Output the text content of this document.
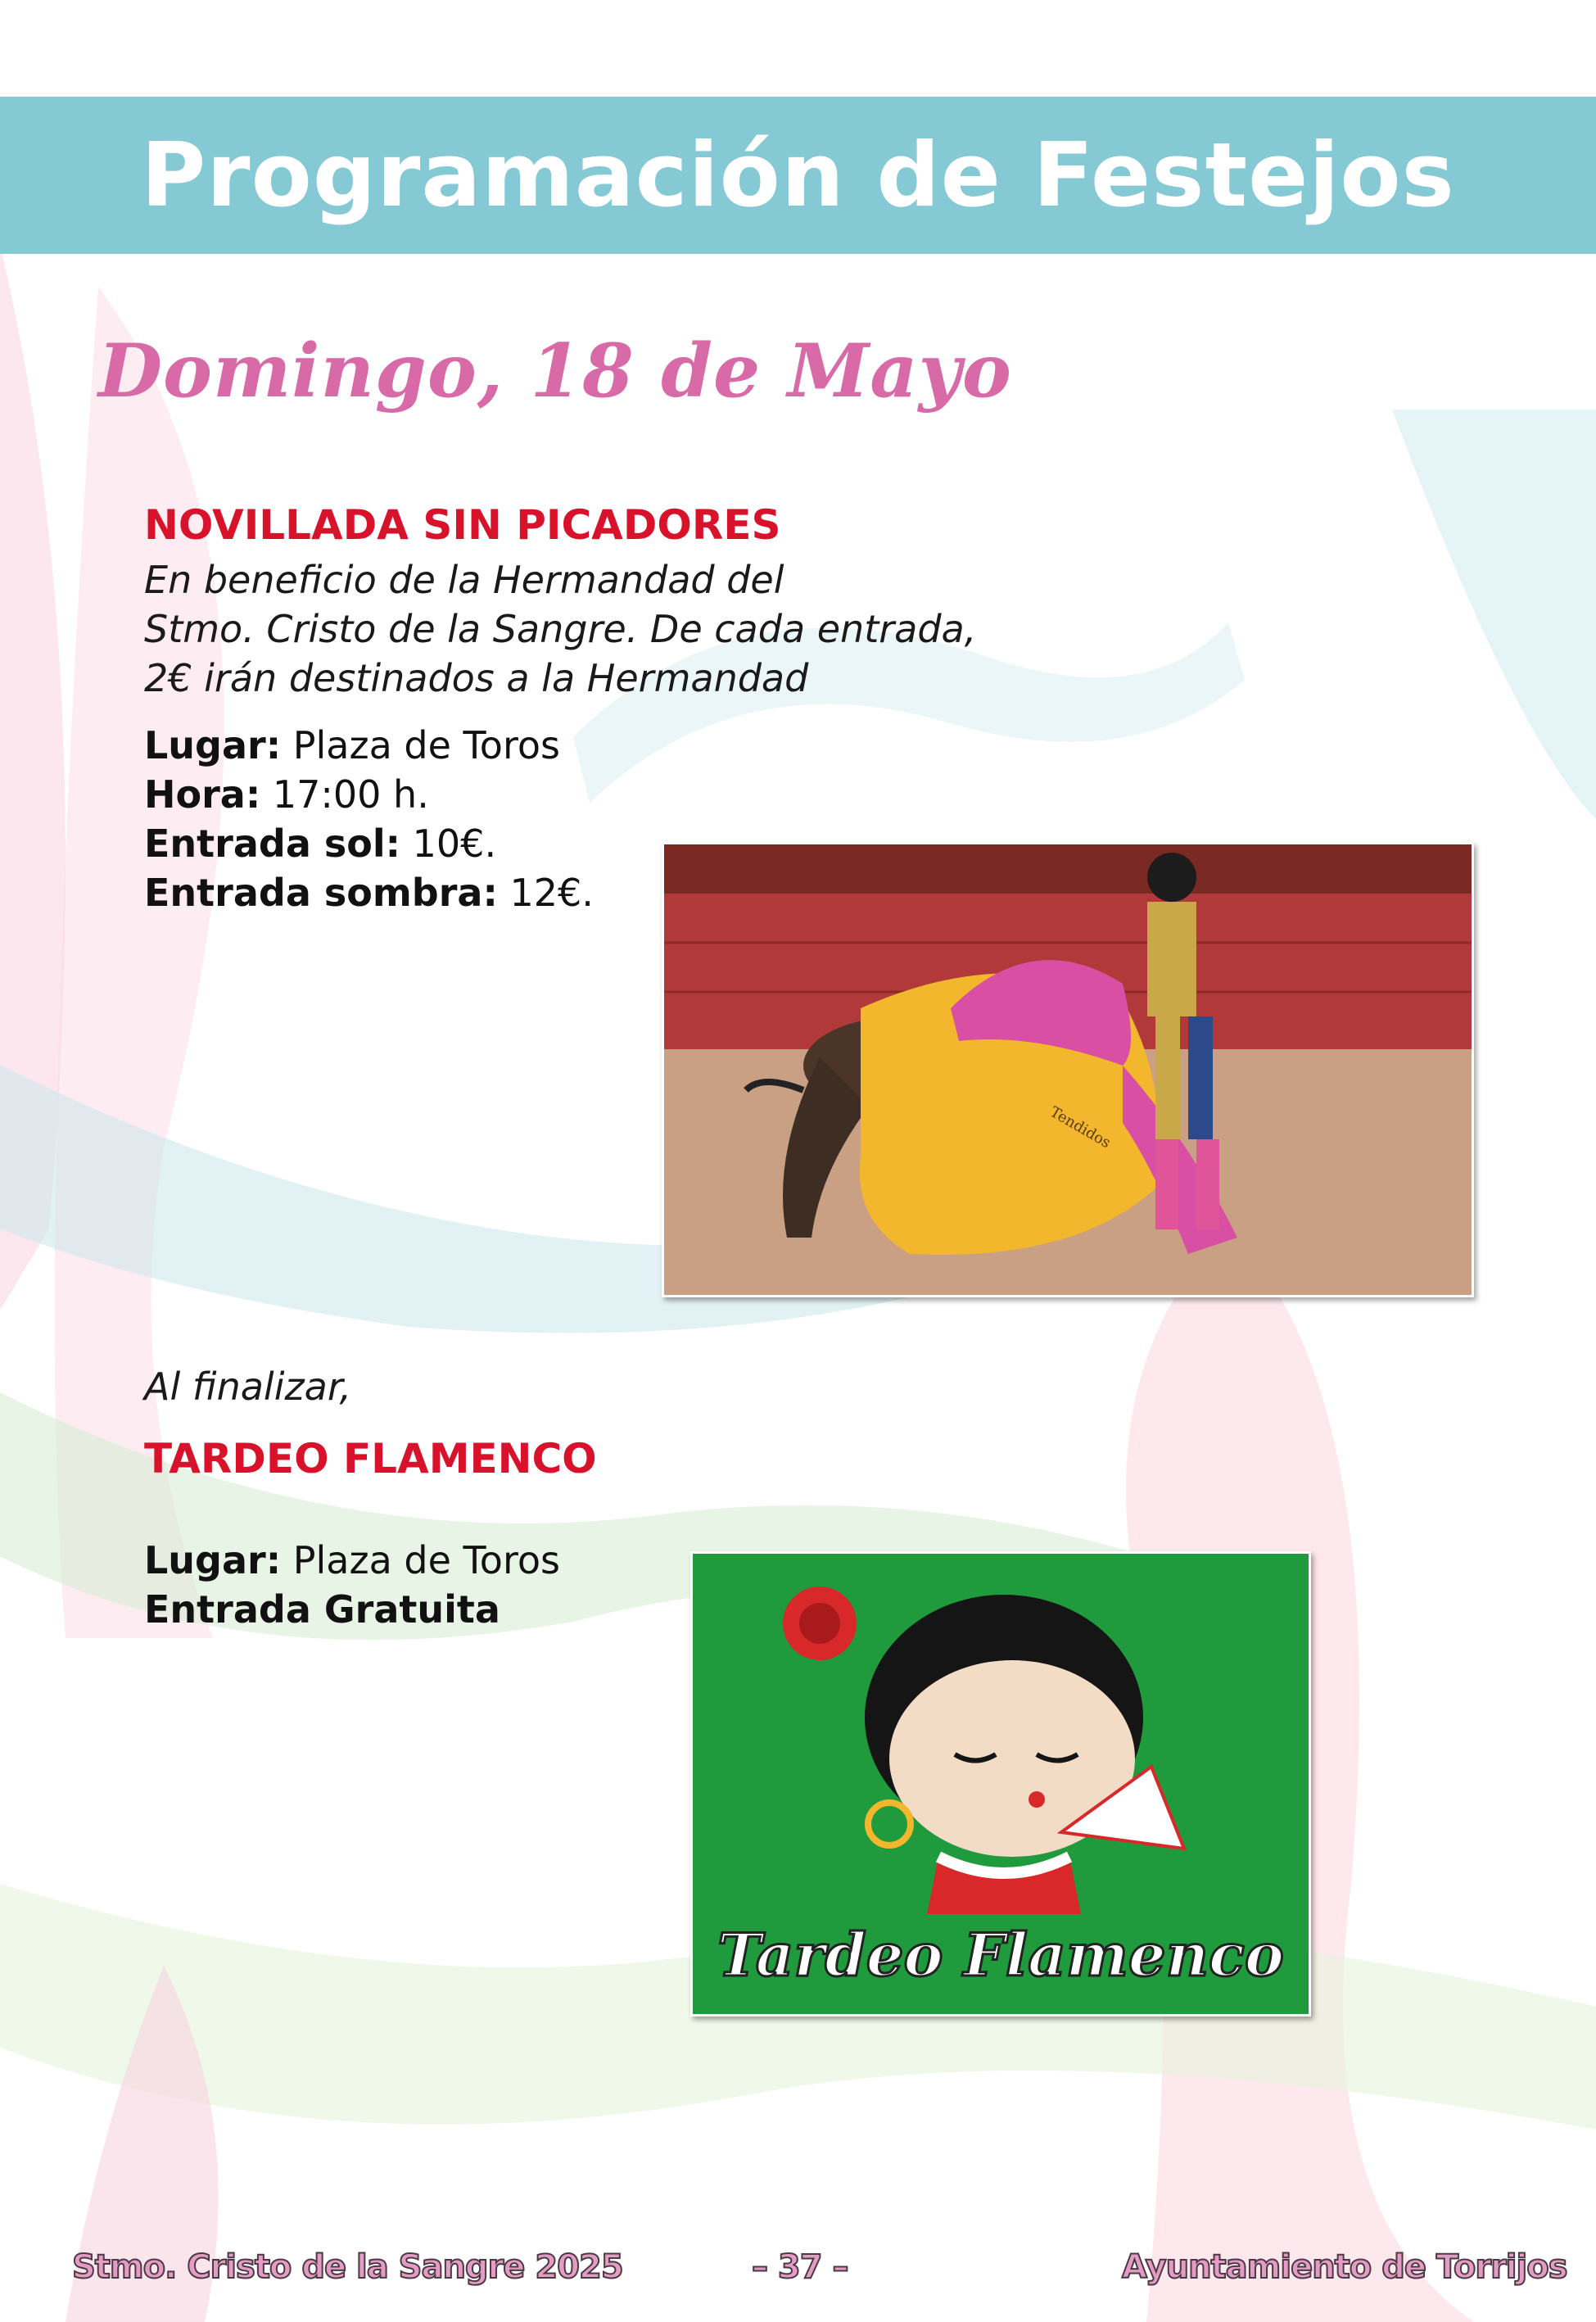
Programación de Festejos
Domingo, 18 de Mayo
NOVILLADA SIN PICADORES
En beneficio de la Hermandad del
Stmo. Cristo de la Sangre. De cada entrada,
2€ irán destinados a la Hermandad
Lugar: Plaza de Toros
Hora: 17:00 h.
Entrada sol: 10€.
Entrada sombra: 12€.
Tendidos
Al finalizar,
TARDEO FLAMENCO
Lugar: Plaza de Toros
Entrada Gratuita
Tardeo Flamenco
Stmo. Cristo de la Sangre 2025	– 37 –	Ayuntamiento de Torrijos
